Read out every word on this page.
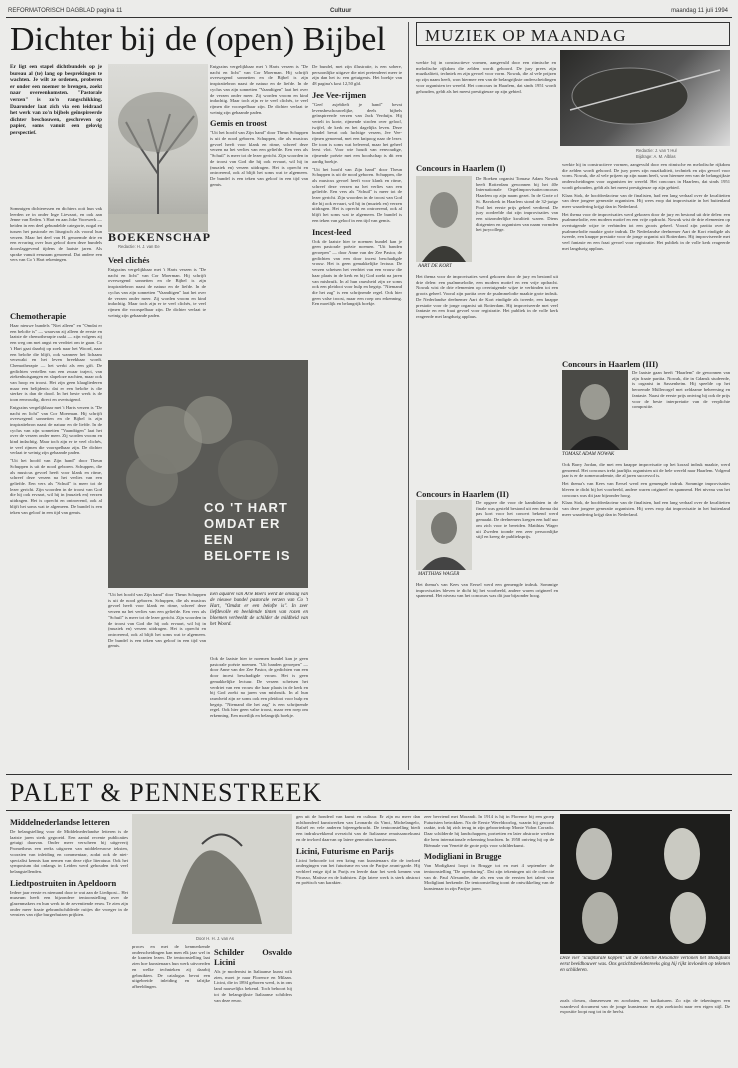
REFORMATORISCH DAGBLAD pagina 11	Cultuur	maandag 11 juli 1994
Dichter bij de (open) Bijbel
Er ligt een stapel dichtbundels op je bureau al (te) lang op besprekingen te wachten. Je wilt ze ordenen, proberen er onder een noemer te brengen, zoekt naar overeenkomsten. "Pastorale verzen" is zo'n rangschikking. Daaronder laat zich via een leidraad het werk van zo'n bijbels geïnspireerde dichter beschouwen, geschreven op papier, soms vanuit een gelovig perspectief.
Sommigen dichteressen en dichters ooit hun vak leerden ze in onder Inge Lievaart, en ook aan Jenne van Eeden. 't Hart en aan Joke Voorwerk — beiden in een deel gebundelde categorie, nogal en tussen het pastorale en liturgisch als vooral hun verzen. Maar het deel van H. genoemde drie en een ervaring over hun geloof doen deze bundels doorslaggevend tijdens de laatste jaren. Als sprake vanuit eenzaam genoemd. Dat andere een vers van Co 't Hart rekeningen.
Chemotherapie

Haar nieuwe bundels "Niet alleen" en "Omdat er een belofte is" — waarvan zij alleen de eerste en laatste de chemotherapie raakt — zijn volgens zij een weg om met angst en verdriet om te gaan. Co 't Hart gaat daarbij op zoek naar het Woord, naar een belofte die blijft, ook wanneer het lichaam verzwakt en het leven breekbaar wordt. Chemotherapie — het werkt als een gift. De gedichten vertellen van een zwaar traject, van ziekenhuisgangen en slapeloze nachten, maar ook van hoop en troost. Het zijn geen klaagliederen maar een belijdenis: dat er een belofte is die sterker is dan de dood. In het beste werk is de toon eenvoudig, direct en overtuigend.

Enigszins vergelijkbaar met 't Harts verzen is "De nacht en licht" van Cor Moerman. Hij schrijft overwegend sonnetten en de Bijbel is zijn inspiratiebron naast de natuur en de liefde. In de cyclus van zijn sonnetten "Vaandtigen" laat het over de verzen onder meer. Zij worden vroom en kind indachtig. Maar toch zijn er te veel clichés, te veel rijmen die voorspelbaar zijn. De dichter verlaat te weinig zijn gebaande paden.

"Uit het hoofd van Zijn hand" door Theun Schuppen is uit de nood geboren. Schuppen, die als musicus gevoel heeft voor klank en ritme, schreef deze verzen na het verlies van een geliefde. Een vers als "Schuil" is meer tot de lezer gericht. Zijn woorden in de troost van God die hij ook ervaart, wil hij in (muziek en) verzen uitdragen. Het is oprecht en ontroerend, ook al blijft het soms wat te algemeen. De bundel is een teken van geloof in een tijd van gemis.

BOEKENSCHAP
Redactie: H. J. van Ee
Veel clichés

Enigszins vergelijkbaar met 't Harts verzen is "De nacht en licht" van Cor Moerman. Hij schrijft overwegend sonnetten en de Bijbel is zijn inspiratiebron naast de natuur en de liefde. In de cyclus van zijn sonnetten "Vaandtigen" laat het over de verzen onder meer. Zij worden vroom en kind indachtig. Maar toch zijn er te veel clichés, te veel rijmen die voorspelbaar zijn. De dichter verlaat te weinig zijn gebaande paden.

Enigszins vergelijkbaar met 't Harts verzen is "De nacht en licht" van Cor Moerman. Hij schrijft overwegend sonnetten en de Bijbel is zijn inspiratiebron naast de natuur en de liefde. In de cyclus van zijn sonnetten "Vaandtigen" laat het over de verzen onder meer. Zij worden vroom en kind indachtig. Maar toch zijn er te veel clichés, te veel rijmen die voorspelbaar zijn. De dichter verlaat te weinig zijn gebaande paden.

Gemis en troost

"Uit het hoofd van Zijn hand" door Theun Schuppen is uit de nood geboren. Schuppen, die als musicus gevoel heeft voor klank en ritme, schreef deze verzen na het verlies van een geliefde. Een vers als "Schuil" is meer tot de lezer gericht. Zijn woorden in de troost van God die hij ook ervaart, wil hij in (muziek en) verzen uitdragen. Het is oprecht en ontroerend, ook al blijft het soms wat te algemeen. De bundel is een teken van geloof in een tijd van gemis.

De bundel, met zijn illustratie, is een sobere, persoonlijke uitgave die niet pretendeert meer te zijn dan het is: een getuigenis. Het boekje van 48 pagina's kost 12,50 gld.

Jee Vee-rijmen

"Geef asjeblieft je hand" bevat levensbeschouwelijke, deels bijbels geïnspireerde verzen van Jack Verduijn. Hij vertelt in korte, rijmende strofen over geloof, twijfel, de kerk en het dagelijks leven. Deze bundel bevat ook luchtige verzen, Jee Vee-rijmen genoemd, met een knipoog naar de lezer. De toon is soms wat belerend, maar het geheel leest vlot. Voor wie houdt van eenvoudige, rijmende poëzie met een boodschap is dit een aardig boekje.

"Uit het hoofd van Zijn hand" door Theun Schuppen is uit de nood geboren. Schuppen, die als musicus gevoel heeft voor klank en ritme, schreef deze verzen na het verlies van een geliefde. Een vers als "Schuil" is meer tot de lezer gericht. Zijn woorden in de troost van God die hij ook ervaart, wil hij in (muziek en) verzen uitdragen. Het is oprecht en ontroerend, ook al blijft het soms wat te algemeen. De bundel is een teken van geloof in een tijd van gemis.

Incest-leed

Ook de laatste hier te noemen bundel kan je geen pastorale poëzie noemen. "Uit banden geroepen" — door Anne van der Zee Pastor, de gedichten van een door incest beschadigde vrouw. Het is geen gemakkelijke lectuur. De verzen schetsen het verdriet van een vrouw die haar plaats in de kerk en bij God zoekt na jaren van misbruik. In al hun rauwheid zijn ze soms ook een pleidooi voor hulp en begrip. "Niemand die het zag" is een schrijnende regel. Ook hier geen valse troost, maar een roep om erkenning. Een moeilijk en belangrijk boekje.

CO 'T HART
OMDAT ER EEN
BELOFTE IS
"Uit het hoofd van Zijn hand" door Theun Schuppen is uit de nood geboren. Schuppen, die als musicus gevoel heeft voor klank en ritme, schreef deze verzen na het verlies van een geliefde. Een vers als "Schuil" is meer tot de lezer gericht. Zijn woorden in de troost van God die hij ook ervaart, wil hij in (muziek en) verzen uitdragen. Het is oprecht en ontroerend, ook al blijft het soms wat te algemeen. De bundel is een teken van geloof in een tijd van gemis.
Een aquarel van Arie Boers werd de omslag van de nieuwe bundel pastorale verzen van Co 't Hart, "Omdat er een belofte is". In zeer liefdevolle en beeldende tinten van rozen en bloemen verbeeldt de schilder de mildheid van het Woord.
Ook de laatste hier te noemen bundel kan je geen pastorale poëzie noemen. "Uit banden geroepen" — door Anne van der Zee Pastor, de gedichten van een door incest beschadigde vrouw. Het is geen gemakkelijke lectuur. De verzen schetsen het verdriet van een vrouw die haar plaats in de kerk en bij God zoekt na jaren van misbruik. In al hun rauwheid zijn ze soms ook een pleidooi voor hulp en begrip. "Niemand die het zag" is een schrijnende regel. Ook hier geen valse troost, maar een roep om erkenning. Een moeilijk en belangrijk boekje.
MUZIEK OP MAANDAG
Redactie: J. van 't Hul
Bijdrage: A. M. Alblas
werkte hij in constructieve vormen, aangevuld door een ritmische en melodische rijkdom die zelden wordt gehoord. De jury prees zijn muzikaliteit, techniek en zijn gevoel voor vorm. Nowak, die al vele prijzen op zijn naam heeft, won hiermee een van de belangrijkste onderscheidingen voor organisten ter wereld. Het concours in Haarlem, dat sinds 1951 wordt gehouden, geldt als het meest prestigieuze op zijn gebied.
Concours in Haarlem (I)
AART DE KORT
De Boeken organist Tomasz Adam Nowak beeft Rotterdam gewonnen bij het 40e Internationale Orgelimprovisatieconcours Haarlem op zijn naam gezet. In de Grote of St. Bavokerk in Haarlem stond de 32-jarige Pool het eerste prijs geheel verdiend. De jury oordeelde dat zijn improvisaties van een uitzonderlijke kwaliteit waren. Diens dirigenten en organisten van naam vormden het jurycollege.
Het thema voor de improvisaties werd gekozen door de jury en bestond uit drie delen: een psalmmelodie, een modern motief en een vrije opdracht. Nowak wist de drie elementen op overtuigende wijze te verbinden tot een groots geheel. Vooral zijn partita over de psalmmelodie maakte grote indruk. De Nederlandse deelnemer Aart de Kort eindigde als tweede, een knappe prestatie voor de jonge organist uit Rotterdam. Hij improviseerde met veel fantasie en een fraai gevoel voor registratie. Het publiek in de volle kerk reageerde met langdurig applaus.
Concours in Haarlem (II)
MATTHIAS WAGER
De opgave die voor de kandidaten in de finale was gesteld bestond uit een thema dat pas kort voor het concert bekend werd gemaakt. De deelnemers kregen een half uur om zich voor te bereiden. Matthias Wager uit Zweden toonde een zeer persoonlijke stijl en kreeg de publieksprijs.
Het thema's van Kees van Eersel werd een gemengde indruk. Sommige improvisaties bleven te dicht bij het voorbeeld, andere waren origineel en spannend. Het niveau van het concours was dit jaar bijzonder hoog.

werkte hij in constructieve vormen, aangevuld door een ritmische en melodische rijkdom die zelden wordt gehoord. De jury prees zijn muzikaliteit, techniek en zijn gevoel voor vorm. Nowak, die al vele prijzen op zijn naam heeft, won hiermee een van de belangrijkste onderscheidingen voor organisten ter wereld. Het concours in Haarlem, dat sinds 1951 wordt gehouden, geldt als het meest prestigieuze op zijn gebied.

Klaas Stok, de hoofdredacteur van de finalisten, had een lang verhaal over de kwaliteiten van deze jongere generatie organisten. Hij wees erop dat improvisatie in het buitenland meer waardering krijgt dan in Nederland.

Het thema voor de improvisaties werd gekozen door de jury en bestond uit drie delen: een psalmmelodie, een modern motief en een vrije opdracht. Nowak wist de drie elementen op overtuigende wijze te verbinden tot een groots geheel. Vooral zijn partita over de psalmmelodie maakte grote indruk. De Nederlandse deelnemer Aart de Kort eindigde als tweede, een knappe prestatie voor de jonge organist uit Rotterdam. Hij improviseerde met veel fantasie en een fraai gevoel voor registratie. Het publiek in de volle kerk reageerde met langdurig applaus.

Concours in Haarlem (III)
TOMASZ ADAM NOWAK
De laatste gaan heeft "Haarlem" de gewonnen van zijn fraaie partita. Nowak, die in Gdansk studeerde, is organist in Sassenheim. Hij speelde op het beroemde Müllerorgel met zeldzame beheersing en fantasie. Naast de eerste prijs ontving hij ook de prijs voor de beste interpretatie van de verplichte compositie.

Ook Barry Jordan, die met een knappe improvisatie op het koraal indruk maakte, werd genoemd. Het concours trekt jaarlijks organisten uit de hele wereld naar Haarlem. Volgend jaar is er de zomeracademie, die al jaren succesvol is.

Het thema's van Kees van Eersel werd een gemengde indruk. Sommige improvisaties bleven te dicht bij het voorbeeld, andere waren origineel en spannend. Het niveau van het concours was dit jaar bijzonder hoog.

Klaas Stok, de hoofdredacteur van de finalisten, had een lang verhaal over de kwaliteiten van deze jongere generatie organisten. Hij wees erop dat improvisatie in het buitenland meer waardering krijgt dan in Nederland.

PALET & PENNESTREEK
Middelnederlandse letteren

De belangstelling voor de Middelnederlandse letteren is de laatste jaren sterk gegroeid. Een aantal recente publicaties getuigt daarvan. Onder meer verscheen bij uitgeverij Prometheus een reeks uitgaven van middeleeuwse teksten, voorzien van inleiding en commentaar, zodat ook de niet-specialist kennis kan nemen van deze rijke literatuur. Ook het symposium dat onlangs in Leiden werd gehouden trok veel belangstellenden.

Liedtpostruiten in Apeldoorn

Iedere jaar eerste es niemand door te wat aan de Liedtpost... Het museum heeft een bijzondere tentoonstelling over de glazenmakers en hun werk in de zeventiende eeuw. Te zien zijn onder meer fraaie gebrandschilderde ruitjes die vroeger in de vensters van rijke burgerhuizen prijkten.

Door H. H. J. van As
proces en met de kenmerkende onderscheidingen kan men elk jaar wel in de kranten lezen. De tentoonstelling laat zien hoe kunstenaars hun werk uitvoerden en welke technieken zij daarbij gebruikten. De catalogus bevat een uitgebreide inleiding en talrijke afbeeldingen.
Schilder Osvaldo Licini

Als je modernist in Italiaanse kunst wilt zien, moet je naar Florence en Milaan. Licini, die in 1894 geboren werd, is in ons land nauwelijks bekend. Toch behoort hij tot de belangrijkste Italiaanse schilders van deze eeuw.

gen uit de honderd van kunst en cultuur. Er zijn nu meer dan achthonderd kunstwerken van Leonardo da Vinci, Michelangelo, Rafaël en vele anderen bijeengebracht. De tentoonstelling biedt een indrukwekkend overzicht van de Italiaanse renaissancekunst en de invloed daarvan op latere generaties kunstenaars.

Licini, Futurisme en Parijs

Licini behoorde tot een kring van kunstenaars die de invloed ondergingen van het futurisme en van de Parijse avant-garde. Hij verbleef enige tijd in Parijs en leerde daar het werk kennen van Picasso, Matisse en de kubisten. Zijn latere werk is sterk abstract en poëtisch van karakter.

zeer bevriend met Morandi. In 1914 is hij in Florence bij een groep Futuristen betrokken. Na de Eerste Wereldoorlog, waarin hij gewond raakte, trok hij zich terug in zijn geboortedorp Monte Vidon Corrado. Daar schilderde hij landschappen, portretten en later abstracte werken die hem internationale erkenning brachten. In 1958 ontving hij op de Biënnale van Venetië de grote prijs voor schilderkunst.

Modigliani in Brugge

Van Modigliani loopt in Brugge tot en met 4 september de tentoonstelling "De openbaring". Dat zijn tekeningen uit de collectie van dr. Paul Alexandre, die als een van de eersten het talent van Modigliani herkende. De tentoonstelling toont de ontwikkeling van de kunstenaar in zijn Parijse jaren.

Deze vier "sculpturale koppen" uit de collectie Alexandre vertonen het Modigliani eerst beeldhouwer was. Ons gezichtsbeeldenreeks ging hij rijkt invloeden op tekenen en schilderen.
zoals clowns, danseressen en acrobaten, en karikaturen. Zo zijn de tekeningen een waardevol document van de jonge kunstenaar en zijn zoektocht naar een eigen stijl. De expositie loopt nog tot in de herfst.
